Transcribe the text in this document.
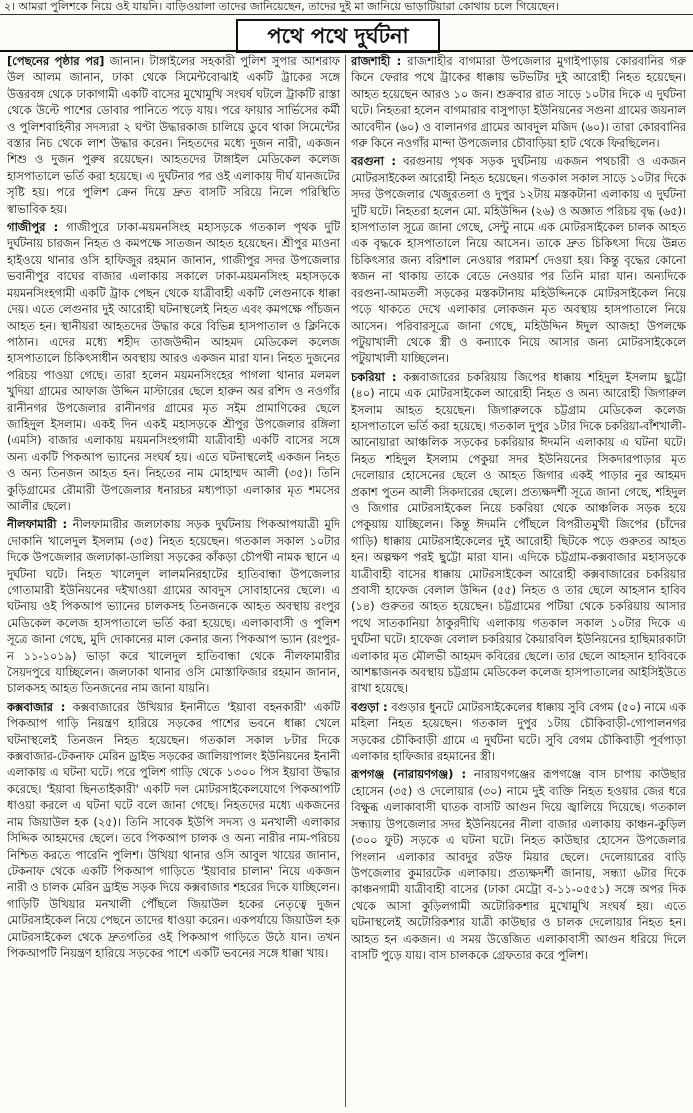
২। আমরা পুলিশকে নিয়ে ওই যায়নি। বাড়িওয়ালা তাদের জানিয়েছেন, তাদের দুই মা জানিয়ে ভাড়াটিয়ারা কোথায় চলে গিয়েছেন।
পথে পথে দুর্ঘটনা

[পেছনের পৃষ্ঠার পর] জানান। টাঙ্গাইলের সহকারী পুলিশ সুপার আশরাফ উল আলম জানান, ঢাকা থেকে সিমেন্টবোঝাই একটি ট্রাকের সঙ্গে উত্তরবঙ্গ থেকে ঢাকাগামী একটি বাসের মুখোমুখি সংঘর্ষ ঘটলে ট্রাকটি রাস্তা থেকে উল্টে পাশের ডোবার পানিতে পড়ে যায়। পরে ফায়ার সার্ভিসের কর্মী ও পুলিশবাহিনীর সদস্যরা ২ ঘণ্টা উদ্ধারকাজ চালিয়ে ডুবে থাকা সিমেন্টের বস্তার নিচ থেকে লাশ উদ্ধার করেন। নিহতদের মধ্যে দুজন নারী, একজন শিশু ও দুজন পুরুষ রয়েছেন। আহতদের টাঙ্গাইল মেডিকেল কলেজ হাসপাতালে ভর্তি করা হয়েছে। এ দুর্ঘটনার পর ওই এলাকায় দীর্ঘ যানজটের সৃষ্টি হয়। পরে পুলিশ ক্রেন দিয়ে দ্রুত বাসটি সরিয়ে নিলে পরিস্থিতি স্বাভাবিক হয়।

গাজীপুর : গাজীপুরে ঢাকা-ময়মনসিংহ মহাসড়কে গতকাল পৃথক দুটি দুর্ঘটনায় চারজন নিহত ও কমপক্ষে সাতজন আহত হয়েছেন। শ্রীপুর মাওনা হাইওয়ে থানার ওসি হাফিজুর রহমান জানান, গাজীপুর সদর উপজেলার ভবানীপুর বাঘের বাজার এলাকায় সকালে ঢাকা-ময়মনসিংহ মহাসড়কে ময়মনসিংহগামী একটি ট্রাক পেছন থেকে যাত্রীবাহী একটি লেগুনাকে ধাক্কা দেয়। এতে লেগুনার দুই আরোহী ঘটনাস্থলেই নিহত এবং কমপক্ষে পাঁচজন আহত হন। স্থানীয়রা আহতদের উদ্ধার করে বিভিন্ন হাসপাতাল ও ক্লিনিকে পাঠান। এদের মধ্যে শহীদ তাজউদ্দীন আহমদ মেডিকেল কলেজ হাসপাতালে চিকিৎসাধীন অবস্থায় আরও একজন মারা যান। নিহত দুজনের পরিচয় পাওয়া গেছে। তারা হলেন ময়মনসিংহের পাগলা থানার মলমল খুদিয়া গ্রামের আফাজ উদ্দিন মাস্টারের ছেলে হারুন অর রশিদ ও নওগাঁর রানীনগর উপজেলার রানীনগর গ্রামের মৃত সইম প্রামাণিকের ছেলে জাহিদুল ইসলাম। একই দিন একই মহাসড়কে শ্রীপুর উপজেলার রঙ্গিলা (এমসি) বাজার এলাকায় ময়মনসিংহগামী যাত্রীবাহী একটি বাসের সঙ্গে অন্য একটি পিকআপ ভ্যানের সংঘর্ষ হয়। এতে ঘটনাস্থলেই একজন নিহত ও অন্য তিনজন আহত হন। নিহতের নাম মোহাম্মদ আলী (৩৫)। তিনি কুড়িগ্রামের রৌমারী উপজেলার ধনারচর মধ্যপাড়া এলাকার মৃত শমসের আলীর ছেলে।

নীলফামারী : নীলফামারীর জলঢাকায় সড়ক দুর্ঘটনায় পিকআপযাত্রী মুদি দোকানি খালেদুল ইসলাম (৩৫) নিহত হয়েছেন। গতকাল সকাল ১০টার দিকে উপজেলার জলঢাকা-ডালিয়া সড়কের কাঁকড়া চৌপথী নামক স্থানে এ দুর্ঘটনা ঘটে। নিহত খালেদুল লালমনিরহাটের হাতিবান্ধা উপজেলার গোতামারী ইউনিয়নের দইখাওয়া গ্রামের আবদুস সোবাহানের ছেলে। এ ঘটনায় ওই পিকআপ ভ্যানের চালকসহ তিনজনকে আহত অবস্থায় রংপুর মেডিকেল কলেজ হাসপাতালে ভর্তি করা হয়েছে। এলাকাবাসী ও পুলিশ সূত্রে জানা গেছে, মুদি দোকানের মাল কেনার জন্য পিকআপ ভ্যান (রংপুর-ন ১১-১০১৯) ভাড়া করে খালেদুল হাতিবান্ধা থেকে নীলফামারীর সৈয়দপুরে যাচ্ছিলেন। জলঢাকা থানার ওসি মোস্তাফিজার রহমান জানান, চালকসহ আহত তিনজনের নাম জানা যায়নি।

কক্সবাজার : কক্সবাজারের উখিয়ার ইনানীতে 'ইয়াবা বহনকারী' একটি পিকআপ গাড়ি নিয়ন্ত্রণ হারিয়ে সড়কের পাশের ভবনে ধাক্কা খেলে ঘটনাস্থলেই তিনজন নিহত হয়েছেন। গতকাল সকাল ৮টার দিকে কক্সবাজার-টেকনাফ মেরিন ড্রাইভ সড়কের জালিয়াপালং ইউনিয়নের ইনানী এলাকায় এ ঘটনা ঘটে। পরে পুলিশ গাড়ি থেকে ১৩০০ পিস ইয়াবা উদ্ধার করেছে। 'ইয়াবা ছিনতাইকারী' একটি দল মোটরসাইকেলযোগে পিকআপটি ধাওয়া করলে এ ঘটনা ঘটে বলে জানা গেছে। নিহতদের মধ্যে একজনের নাম জিয়াউল হক (২৫)। তিনি সাবেক ইউপি সদস্য ও মনখালী এলাকার সিদ্দিক আহমদের ছেলে। তবে পিকআপ চালক ও অন্য নারীর নাম-পরিচয় নিশ্চিত করতে পারেনি পুলিশ। উখিয়া থানার ওসি আবুল খায়ের জানান, টেকনাফ থেকে একটি পিকআপ গাড়িতে 'ইয়াবার চালান' নিয়ে একজন নারী ও চালক মেরিন ড্রাইভ সড়ক দিয়ে কক্সবাজার শহরের দিকে যাচ্ছিলেন। গাড়িটি উখিয়ার মনখালী পৌঁছলে জিয়াউল হকের নেতৃত্বে দুজন মোটরসাইকেল নিয়ে পেছনে তাদের ধাওয়া করেন। একপর্যায়ে জিয়াউল হক মোটরসাইকেল থেকে দ্রুতগতির ওই পিকআপ গাড়িতে উঠে যান। তখন পিকআপটি নিয়ন্ত্রণ হারিয়ে সড়কের পাশে একটি ভবনের সঙ্গে ধাক্কা খায়।

রাজশাহী : রাজশাহীর বাগমারা উপজেলার মুগাইপাড়ায় কোরবানির গরু কিনে ফেরার পথে ট্রাকের ধাক্কায় ভটভটির দুই আরোহী নিহত হয়েছেন। আহত হয়েছেন আরও ১০ জন। শুক্রবার রাত সাড়ে ১০টার দিকে এ দুর্ঘটনা ঘটে। নিহতরা হলেন বাগমারার বাসুপাড়া ইউনিয়নের সগুনা গ্রামের জয়নাল আবেদীন (৬০) ও বালানগর গ্রামের আবদুল মজিদ (৬০)। তারা কোরবানির গরু কিনে নওগাঁর মান্দা উপজেলার চৌবাড়িয়া হাট থেকে ফিরছিলেন।

বরগুনা : বরগুনায় পৃথক সড়ক দুর্ঘটনায় একজন পথচারী ও একজন মোটরসাইকেল আরোহী নিহত হয়েছেন। গতকাল সকাল সাড়ে ১০টার দিকে সদর উপজেলার খেজুরতলা ও দুপুর ১২টায় মস্তকটানা এলাকায় এ দুর্ঘটনা দুটি ঘটে। নিহতরা হলেন মো. মহিউদ্দিন (২৬) ও অজ্ঞাত পরিচয় বৃদ্ধ (৬৫)। হাসপাতাল সূত্রে জানা গেছে, সেন্টু নামে এক মোটরসাইকেল চালক আহত এক বৃদ্ধকে হাসপাতালে নিয়ে আসেন। তাকে দ্রুত চিকিৎসা দিয়ে উন্নত চিকিৎসার জন্য বরিশাল নেওয়ার পরামর্শ দেওয়া হয়। কিন্তু বৃদ্ধের কোনো স্বজন না থাকায় তাকে বেডে নেওয়ার পর তিনি মারা যান। অন্যদিকে বরগুনা-আমতলী সড়কের মস্তকটানায় মহিউদ্দিনকে মোটরসাইকেল নিয়ে পড়ে থাকতে দেখে এলাকার লোকজন মৃত অবস্থায় হাসপাতালে নিয়ে আসেন। পরিবারসূত্রে জানা গেছে, মহিউদ্দিন ঈদুল আজহা উপলক্ষে পটুয়াখালী থেকে স্ত্রী ও কন্যাকে নিয়ে আসার জন্য মোটরসাইকেলে পটুয়াখালী যাচ্ছিলেন।

চকরিয়া : কক্সবাজারের চকরিয়ায় জিপের ধাক্কায় শহিদুল ইসলাম ছুট্টো (৪০) নামে এক মোটরসাইকেল আরোহী নিহত ও অন্য আরোহী জিগারুল ইসলাম আহত হয়েছেন। জিগারুলকে চট্টগ্রাম মেডিকেল কলেজ হাসপাতালে ভর্তি করা হয়েছে। গতকাল দুপুর ১টার দিকে চকরিয়া-বাঁশখালী-আনোয়ারা আঞ্চলিক সড়কের চকরিয়ার ঈদমনি এলাকায় এ ঘটনা ঘটে। নিহত শহিদুল ইসলাম পেকুয়া সদর ইউনিয়নের সিকদারপাড়ার মৃত দেলোয়ার হোসেনের ছেলে ও আহত জিগার একই পাড়ার নুর আহমদ প্রকাশ পুতন আলী সিকদারের ছেলে। প্রত্যক্ষদর্শী সূত্রে জানা গেছে, শহিদুল ও জিগার মোটরসাইকেল নিয়ে চকরিয়া থেকে আঞ্চলিক সড়ক হয়ে পেকুয়ায় যাচ্ছিলেন। কিন্তু ঈদমনি পৌঁছলে বিপরীতমুখী জিপের (চাঁদের গাড়ি) ধাক্কায় মোটরসাইকেলের দুই আরোহী ছিটকে পড়ে গুরুতর আহত হন। অল্পক্ষণ পরই ছুট্টো মারা যান। এদিকে চট্টগ্রাম-কক্সবাজার মহাসড়কে যাত্রীবাহী বাসের ধাক্কায় মোটরসাইকেল আরোহী কক্সবাজারের চকরিয়ার প্রবাসী হাফেজ বেলাল উদ্দিন (৫৫) নিহত ও তার ছেলে আহসান হাবিব (১৪) গুরুতর আহত হয়েছেন। চট্টগ্রামের পটিয়া থেকে চকরিয়ায় আসার পথে সাতকানিয়া ঠাকুরদীঘি এলাকায় গতকাল সকাল ১০টার দিকে এ দুর্ঘটনা ঘটে। হাফেজ বেলাল চকরিয়ার কৈয়ারবিল ইউনিয়নের হাছিমারকাটা এলাকার মৃত মৌলভী আহমদ কবিরের ছেলে। তার ছেলে আহসান হাবিবকে আশঙ্কাজনক অবস্থায় চট্টগ্রাম মেডিকেল কলেজ হাসপাতালের আইসিইউতে রাখা হয়েছে।

বগুড়া : বগুড়ার ধুনটে মোটরসাইকেলের ধাক্কায় সুবি বেগম (৫০) নামে এক মহিলা নিহত হয়েছেন। গতকাল দুপুর ১টায় চৌকিবাড়ী-গোপালনগর সড়কের চৌকিবাড়ী গ্রামে এ দুর্ঘটনা ঘটে। সুবি বেগম চৌকিবাড়ী পূর্বপাড়া এলাকার হাফিজার রহমানের স্ত্রী।

রূপগঞ্জ (নারায়ণগঞ্জ) : নারায়ণগঞ্জের রূপগঞ্জে বাস চাপায় কাউছার হোসেন (৩৫) ও দেলোয়ার (৩০) নামে দুই ব্যক্তি নিহত হওয়ার জের ধরে বিক্ষুব্ধ এলাকাবাসী ঘাতক বাসটি আগুন দিয়ে জ্বালিয়ে দিয়েছে। গতকাল সন্ধ্যায় উপজেলার সদর ইউনিয়নের নীলা বাজার এলাকায় কাঞ্চন-কুড়িল (৩০০ ফুট) সড়কে এ ঘটনা ঘটে। নিহত কাউছার হোসেন উপজেলার পিংলান এলাকার আবদুর রউফ মিয়ার ছেলে। দেলোয়ারের বাড়ি উপজেলার কুমারটেক এলাকায়। প্রত্যক্ষদর্শী জানায়, সন্ধ্যা ৬টার দিকে কাঞ্চনগামী যাত্রীবাহী বাসের (ঢাকা মেট্রো ব-১১-০৫৫১) সঙ্গে অপর দিক থেকে আসা কুড়িলগামী অটোরিকশার মুখোমুখি সংঘর্ষ হয়। এতে ঘটনাস্থলেই অটোরিকশার যাত্রী কাউছার ও চালক দেলোয়ার নিহত হন। আহত হন একজন। এ সময় উত্তেজিত এলাকাবাসী আগুন ধরিয়ে দিলে বাসটি পুড়ে যায়। বাস চালককে গ্রেফতার করে পুলিশ।
